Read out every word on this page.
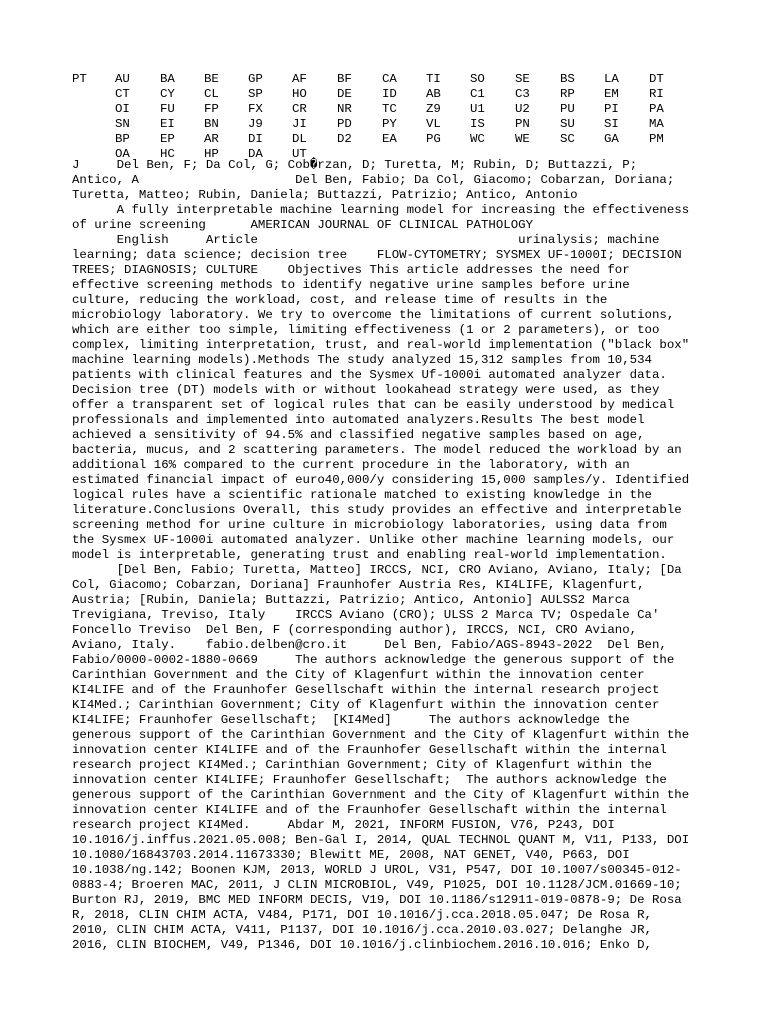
PT AU BA BE GP AF BF CA TI SO SE BS LA DT
CT CY CL SP HO DE ID AB C1 C3 RP EM RI
OI FU FP FX CR NR TC Z9 U1 U2 PU PI PA
SN EI BN J9 JI PD PY VL IS PN SU SI MA
BP EP AR DI DL D2 EA PG WC WE SC GA PM
OA HC HP DA UT
J     Del Ben, F; Da Col, G; Cob�rzan, D; Turetta, M; Rubin, D; Buttazzi, P;
Antico, A                     Del Ben, Fabio; Da Col, Giacomo; Cobarzan, Doriana;
Turetta, Matteo; Rubin, Daniela; Buttazzi, Patrizio; Antico, Antonio
A fully interpretable machine learning model for increasing the effectiveness
of urine screening      AMERICAN JOURNAL OF CLINICAL PATHOLOGY
English     Article                                   urinalysis; machine
learning; data science; decision tree    FLOW-CYTOMETRY; SYSMEX UF-1000I; DECISION
TREES; DIAGNOSIS; CULTURE    Objectives This article addresses the need for
effective screening methods to identify negative urine samples before urine
culture, reducing the workload, cost, and release time of results in the
microbiology laboratory. We try to overcome the limitations of current solutions,
which are either too simple, limiting effectiveness (1 or 2 parameters), or too
complex, limiting interpretation, trust, and real-world implementation ("black box"
machine learning models).Methods The study analyzed 15,312 samples from 10,534
patients with clinical features and the Sysmex Uf-1000i automated analyzer data.
Decision tree (DT) models with or without lookahead strategy were used, as they
offer a transparent set of logical rules that can be easily understood by medical
professionals and implemented into automated analyzers.Results The best model
achieved a sensitivity of 94.5% and classified negative samples based on age,
bacteria, mucus, and 2 scattering parameters. The model reduced the workload by an
additional 16% compared to the current procedure in the laboratory, with an
estimated financial impact of euro40,000/y considering 15,000 samples/y. Identified
logical rules have a scientific rationale matched to existing knowledge in the
literature.Conclusions Overall, this study provides an effective and interpretable
screening method for urine culture in microbiology laboratories, using data from
the Sysmex UF-1000i automated analyzer. Unlike other machine learning models, our
model is interpretable, generating trust and enabling real-world implementation.
[Del Ben, Fabio; Turetta, Matteo] IRCCS, NCI, CRO Aviano, Aviano, Italy; [Da
Col, Giacomo; Cobarzan, Doriana] Fraunhofer Austria Res, KI4LIFE, Klagenfurt,
Austria; [Rubin, Daniela; Buttazzi, Patrizio; Antico, Antonio] AULSS2 Marca
Trevigiana, Treviso, Italy    IRCCS Aviano (CRO); ULSS 2 Marca TV; Ospedale Ca'
Foncello Treviso  Del Ben, F (corresponding author), IRCCS, NCI, CRO Aviano,
Aviano, Italy.    fabio.delben@cro.it     Del Ben, Fabio/AGS-8943-2022  Del Ben,
Fabio/0000-0002-1880-0669     The authors acknowledge the generous support of the
Carinthian Government and the City of Klagenfurt within the innovation center
KI4LIFE and of the Fraunhofer Gesellschaft within the internal research project
KI4Med.; Carinthian Government; City of Klagenfurt within the innovation center
KI4LIFE; Fraunhofer Gesellschaft;  [KI4Med]     The authors acknowledge the
generous support of the Carinthian Government and the City of Klagenfurt within the
innovation center KI4LIFE and of the Fraunhofer Gesellschaft within the internal
research project KI4Med.; Carinthian Government; City of Klagenfurt within the
innovation center KI4LIFE; Fraunhofer Gesellschaft;  The authors acknowledge the
generous support of the Carinthian Government and the City of Klagenfurt within the
innovation center KI4LIFE and of the Fraunhofer Gesellschaft within the internal
research project KI4Med.     Abdar M, 2021, INFORM FUSION, V76, P243, DOI
10.1016/j.inffus.2021.05.008; Ben-Gal I, 2014, QUAL TECHNOL QUANT M, V11, P133, DOI
10.1080/16843703.2014.11673330; Blewitt ME, 2008, NAT GENET, V40, P663, DOI
10.1038/ng.142; Boonen KJM, 2013, WORLD J UROL, V31, P547, DOI 10.1007/s00345-012-
0883-4; Broeren MAC, 2011, J CLIN MICROBIOL, V49, P1025, DOI 10.1128/JCM.01669-10;
Burton RJ, 2019, BMC MED INFORM DECIS, V19, DOI 10.1186/s12911-019-0878-9; De Rosa
R, 2018, CLIN CHIM ACTA, V484, P171, DOI 10.1016/j.cca.2018.05.047; De Rosa R,
2010, CLIN CHIM ACTA, V411, P1137, DOI 10.1016/j.cca.2010.03.027; Delanghe JR,
2016, CLIN BIOCHEM, V49, P1346, DOI 10.1016/j.clinbiochem.2016.10.016; Enko D,
